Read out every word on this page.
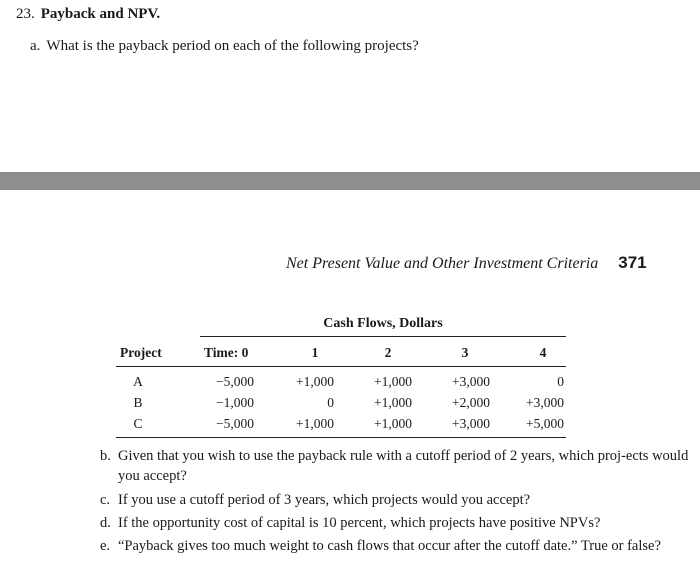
23. Payback and NPV.
a. What is the payback period on each of the following projects?
Net Present Value and Other Investment Criteria 371
Cash Flows, Dollars
Project	Time: 0	1	2	3	4
A	−5,000	+1,000	+1,000	+3,000	0
B	−1,000	0	+1,000	+2,000	+3,000
C	−5,000	+1,000	+1,000	+3,000	+5,000
b. Given that you wish to use the payback rule with a cutoff period of 2 years, which proj-ects would you accept?
c. If you use a cutoff period of 3 years, which projects would you accept?
d. If the opportunity cost of capital is 10 percent, which projects have positive NPVs?
e. “Payback gives too much weight to cash flows that occur after the cutoff date.” True or false?
